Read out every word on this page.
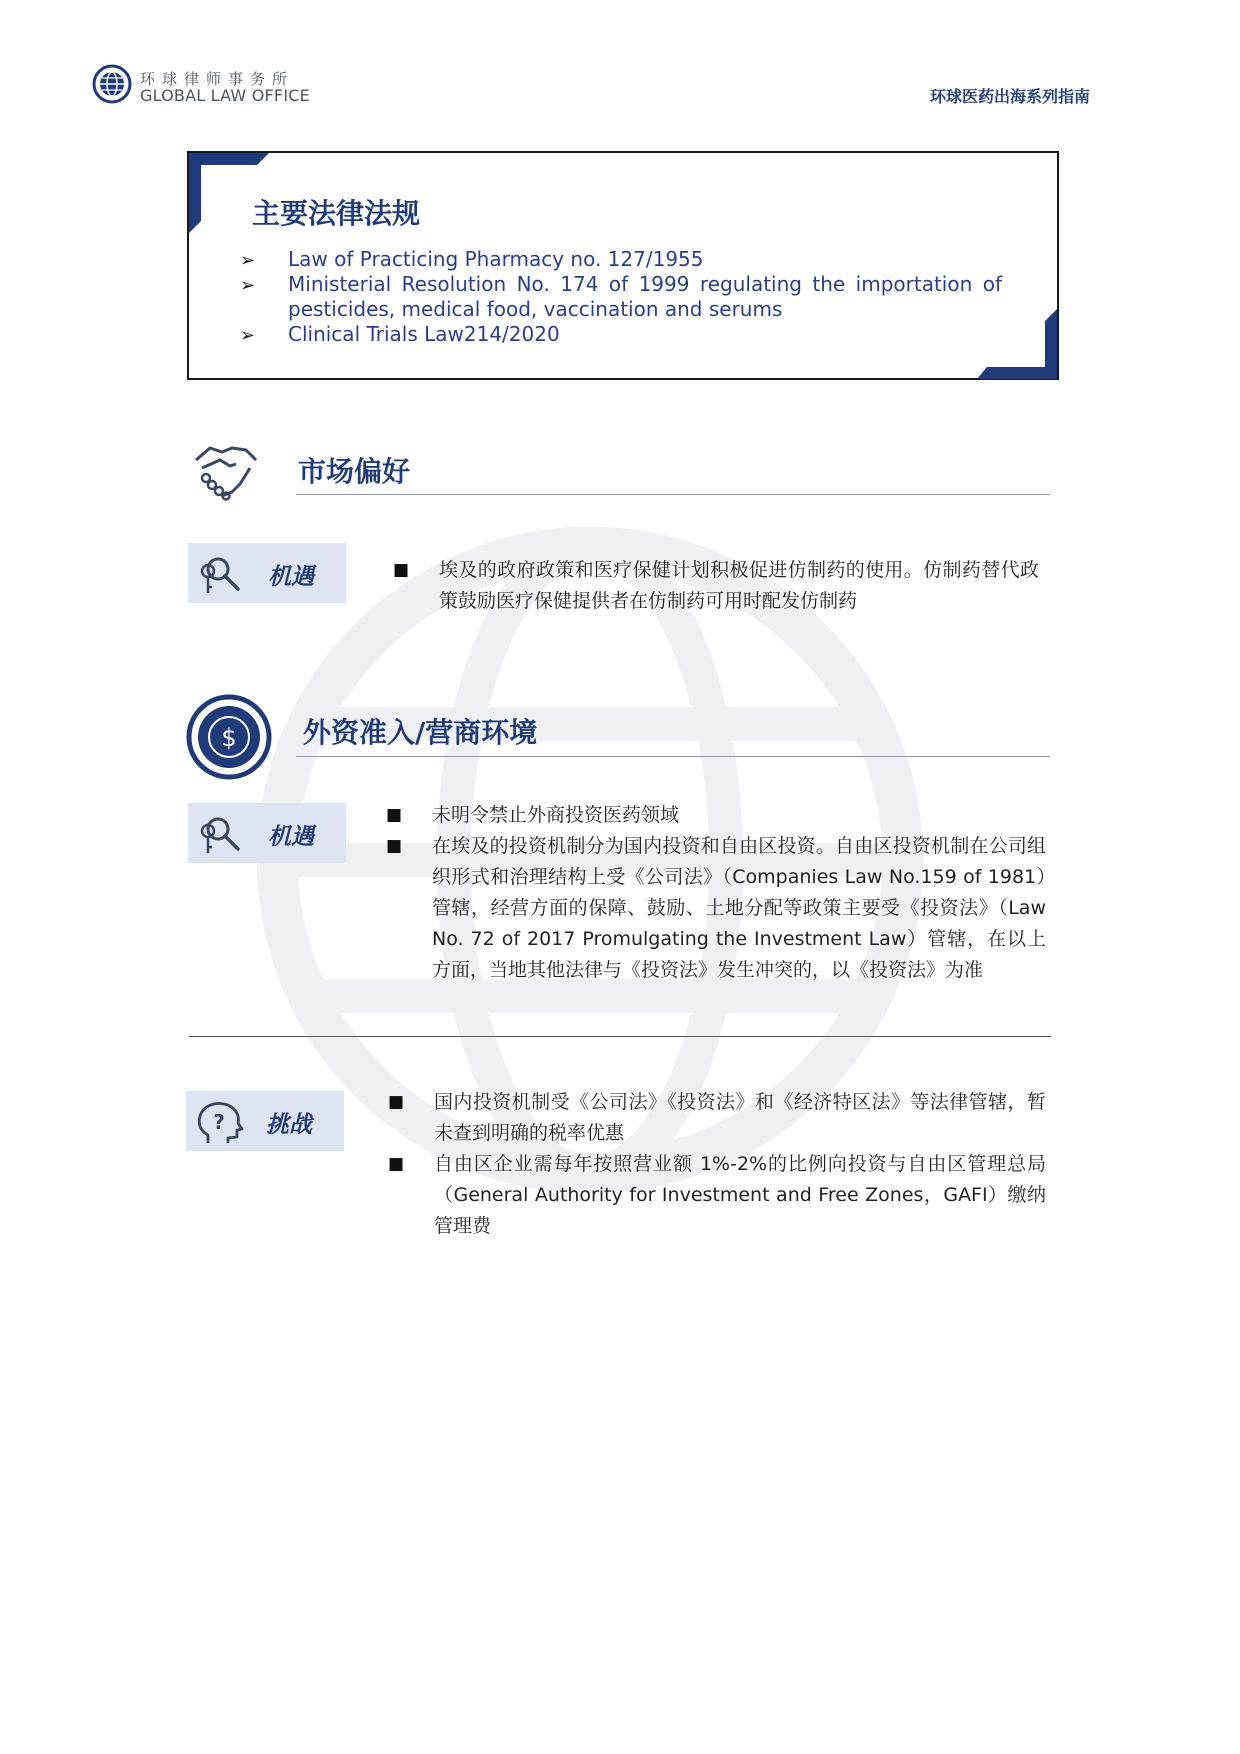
环球律师事务所
GLOBAL LAW OFFICE	环球医药出海系列指南
主要法律法规
➢ Law of Practicing Pharmacy no. 127/1955
➢ Ministerial Resolution No. 174 of 1999 regulating the importation of pesticides, medical food, vaccination and serums
➢ Clinical Trials Law214/2020
市场偏好
机遇	■ 埃及的政府政策和医疗保健计划积极促进仿制药的使用。仿制药替代政策鼓励医疗保健提供者在仿制药可用时配发仿制药
$ 外资准入/营商环境
机遇
■ 未明令禁止外商投资医药领域
■ 在埃及的投资机制分为国内投资和自由区投资。自由区投资机制在公司组织形式和治理结构上受《公司法》（Companies Law No.159 of 1981）管辖，经营方面的保障、鼓励、土地分配等政策主要受《投资法》（Law No. 72 of 2017 Promulgating the Investment Law）管辖，在以上方面，当地其他法律与《投资法》发生冲突的，以《投资法》为准
? 挑战
■ 国内投资机制受《公司法》《投资法》和《经济特区法》等法律管辖，暂未查到明确的税率优惠
■ 自由区企业需每年按照营业额 1%-2%的比例向投资与自由区管理总局（General Authority for Investment and Free Zones，GAFI）缴纳管理费
